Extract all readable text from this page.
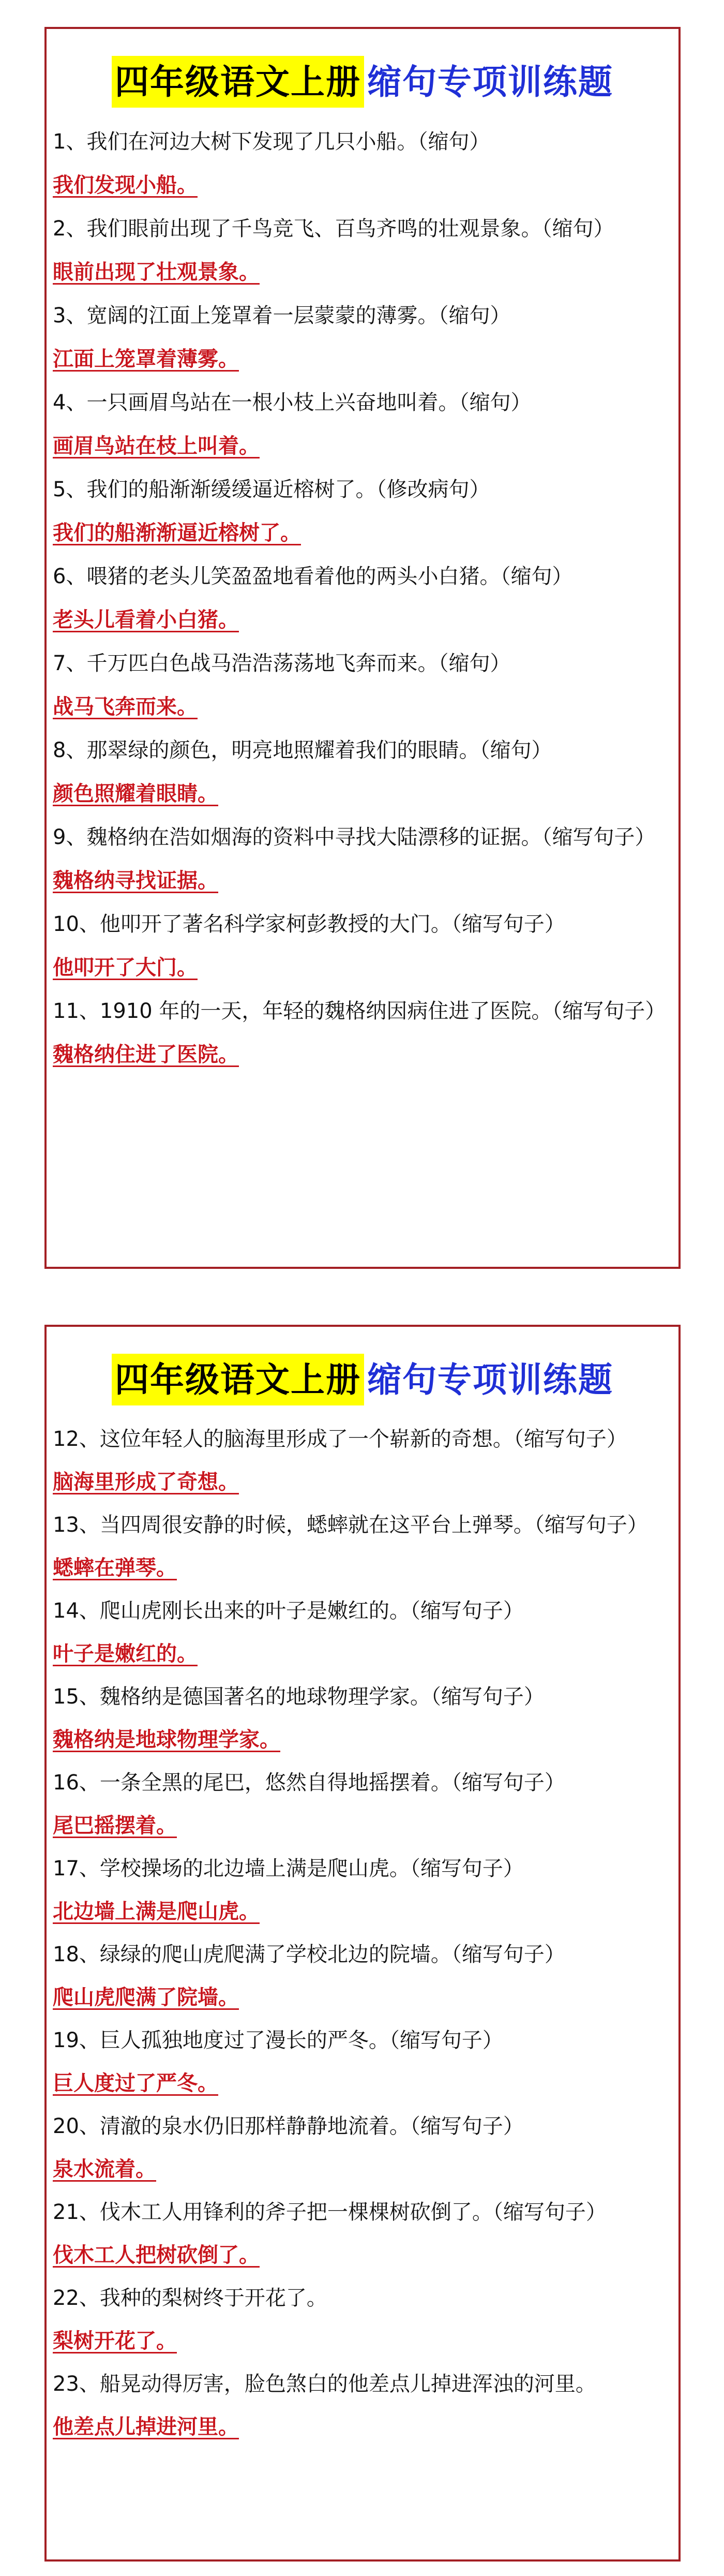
四年级语文上册 缩句专项训练题

1、我们在河边大树下发现了几只小船。（缩句）

我们发现小船。

2、我们眼前出现了千鸟竞飞、百鸟齐鸣的壮观景象。（缩句）

眼前出现了壮观景象。

3、宽阔的江面上笼罩着一层蒙蒙的薄雾。（缩句）

江面上笼罩着薄雾。

4、一只画眉鸟站在一根小枝上兴奋地叫着。（缩句）

画眉鸟站在枝上叫着。

5、我们的船渐渐缓缓逼近榕树了。（修改病句）

我们的船渐渐逼近榕树了。

6、喂猪的老头儿笑盈盈地看着他的两头小白猪。（缩句）

老头儿看着小白猪。

7、千万匹白色战马浩浩荡荡地飞奔而来。（缩句）

战马飞奔而来。

8、那翠绿的颜色，明亮地照耀着我们的眼睛。（缩句）

颜色照耀着眼睛。

9、魏格纳在浩如烟海的资料中寻找大陆漂移的证据。（缩写句子）

魏格纳寻找证据。

10、他叩开了著名科学家柯彭教授的大门。（缩写句子）

他叩开了大门。

11、1910 年的一天，年轻的魏格纳因病住进了医院。（缩写句子）

魏格纳住进了医院。

四年级语文上册 缩句专项训练题

12、这位年轻人的脑海里形成了一个崭新的奇想。（缩写句子）

脑海里形成了奇想。

13、当四周很安静的时候，蟋蟀就在这平台上弹琴。（缩写句子）

蟋蟀在弹琴。

14、爬山虎刚长出来的叶子是嫩红的。（缩写句子）

叶子是嫩红的。

15、魏格纳是德国著名的地球物理学家。（缩写句子）

魏格纳是地球物理学家。

16、一条全黑的尾巴，悠然自得地摇摆着。（缩写句子）

尾巴摇摆着。

17、学校操场的北边墙上满是爬山虎。（缩写句子）

北边墙上满是爬山虎。

18、绿绿的爬山虎爬满了学校北边的院墙。（缩写句子）

爬山虎爬满了院墙。

19、巨人孤独地度过了漫长的严冬。（缩写句子）

巨人度过了严冬。

20、清澈的泉水仍旧那样静静地流着。（缩写句子）

泉水流着。

21、伐木工人用锋利的斧子把一棵棵树砍倒了。（缩写句子）

伐木工人把树砍倒了。

22、我种的梨树终于开花了。

梨树开花了。

23、船晃动得厉害，脸色煞白的他差点儿掉进浑浊的河里。

他差点儿掉进河里。
